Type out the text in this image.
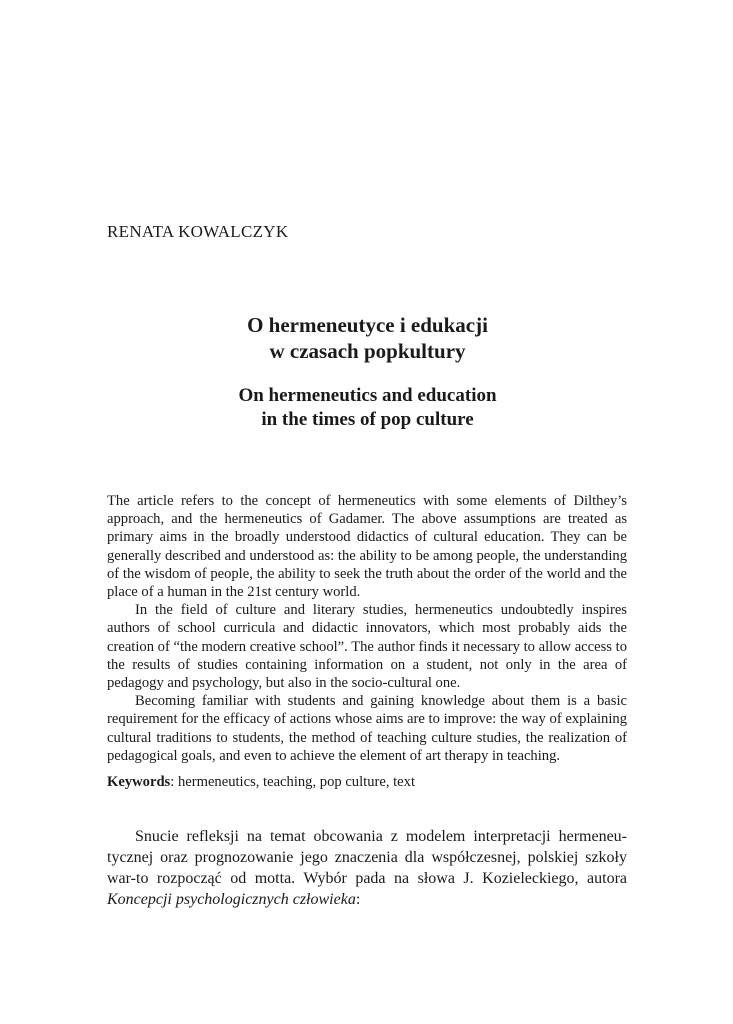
RENATA KOWALCZYK

O hermeneutyce i edukacji
w czasach popkultury
On hermeneutics and education
in the times of pop culture

The article refers to the concept of hermeneutics with some elements of Dilthey’s approach, and the hermeneutics of Gadamer. The above assumptions are treated as primary aims in the broadly understood didactics of cultural education. They can be generally described and understood as: the ability to be among people, the understanding of the wisdom of people, the ability to seek the truth about the order of the world and the place of a human in the 21st century world.

In the field of culture and literary studies, hermeneutics undoubtedly inspires authors of school curricula and didactic innovators, which most probably aids the creation of “the modern creative school”. The author finds it necessary to allow access to the results of studies containing information on a student, not only in the area of pedagogy and psychology, but also in the socio-cultural one.

Becoming familiar with students and gaining knowledge about them is a basic requirement for the efficacy of actions whose aims are to improve: the way of explaining cultural traditions to students, the method of teaching culture studies, the realization of pedagogical goals, and even to achieve the element of art therapy in teaching.

Keywords: hermeneutics, teaching, pop culture, text

Snucie refleksji na temat obcowania z modelem interpretacji hermeneu-tycznej oraz prognozowanie jego znaczenia dla współczesnej, polskiej szkoły war-to rozpocząć od motta. Wybór pada na słowa J. Kozieleckiego, autora Koncepcji psychologicznych człowieka:
